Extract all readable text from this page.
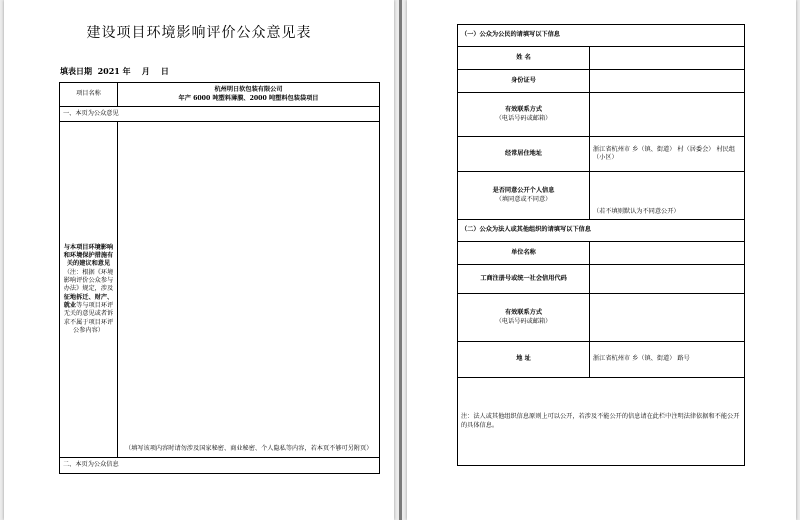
建设项目环境影响评价公众意见表
填表日期  2021 年    月    日
项目名称	杭州明日软包装有限公司
年产 6000 吨塑料薄膜、2000 吨塑料包装袋项目

一、本页为公众意见	
与本项目环境影响和环境保护措施有关的建议和意见（注：根据《环境影响评价公众参与办法》规定，涉及征地拆迁、财产、就业等与项目环评无关的意见或者诉求不属于项目环评公参内容）	（填写该项内容时请勿涉及国家秘密、商业秘密、个人隐私等内容，若本页不够可另附页）

二、本页为公众信息	
（一）公众为公民的请填写以下信息	
姓 名	
身份证号	

有效联系方式
（电话号码或邮箱）	

经常居住地址	浙江省杭州市 乡（镇、街道） 村（居委会） 村民组（小区）

是否同意公开个人信息
（填同意或不同意）	（若不填则默认为不同意公开）
（二）公众为法人或其他组织的请填写以下信息	
单位名称	
工商注册号或统一社会信用代码	

有效联系方式
（电话号码或邮箱）	

地 址	浙江省杭州市 乡（镇、街道） 路号

注：法人或其他组织信息原则上可以公开，若涉及不能公开的信息请在此栏中注明法律依据和不能公开的具体信息。	
